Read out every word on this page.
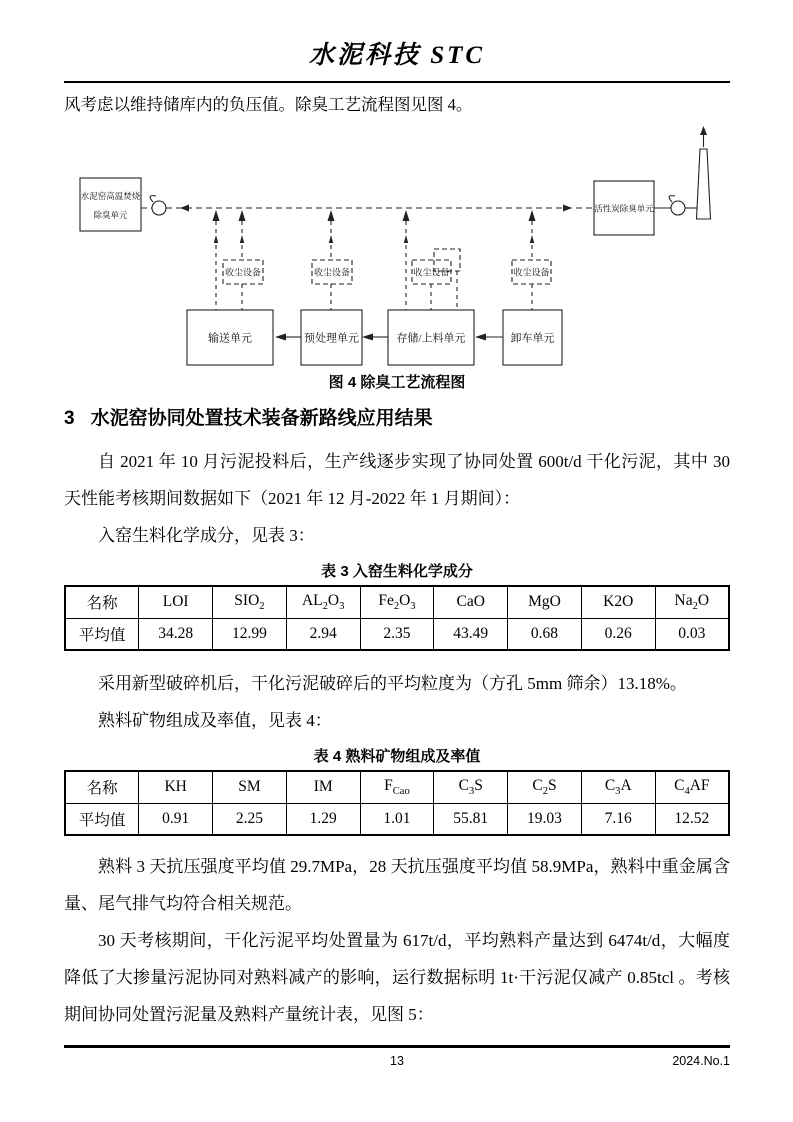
水泥科技 STC

风考虑以维持储库内的负压值。除臭工艺流程图见图 4。

水泥窑高温焚烧
除臭单元
活性炭除臭单元
收尘设备	收尘设备	收尘设备	收尘设备
输送单元	预处理单元	存储/上料单元	卸车单元
图 4 除臭工艺流程图
3 水泥窑协同处置技术装备新路线应用结果

自 2021 年 10 月污泥投料后，生产线逐步实现了协同处置 600t/d 干化污泥，其中 30 天性能考核期间数据如下（2021 年 12 月-2022 年 1 月期间）：

入窑生料化学成分，见表 3：

表 3 入窑生料化学成分
名称	LOI	$SIO_2$	$AL_2O_3$	$Fe_2O_3$	CaO	MgO	K2O	$Na_2O$
平均值	34.28	12.99	2.94	2.35	43.49	0.68	0.26	0.03

采用新型破碎机后，干化污泥破碎后的平均粒度为（方孔 5mm 筛余）13.18%。

熟料矿物组成及率值，见表 4：

表 4 熟料矿物组成及率值
名称	KH	SM	IM	$F_{Cao}$	$C_3S$	$C_2S$	$C_3A$	$C_4AF$
平均值	0.91	2.25	1.29	1.01	55.81	19.03	7.16	12.52

熟料 3 天抗压强度平均值 29.7MPa，28 天抗压强度平均值 58.9MPa，熟料中重金属含量、尾气排气均符合相关规范。

30 天考核期间，干化污泥平均处置量为 617t/d，平均熟料产量达到 6474t/d，大幅度降低了大掺量污泥协同对熟料减产的影响，运行数据标明 1t·干污泥仅减产 0.85tcl 。考核期间协同处置污泥量及熟料产量统计表，见图 5：

13	2024.No.1
